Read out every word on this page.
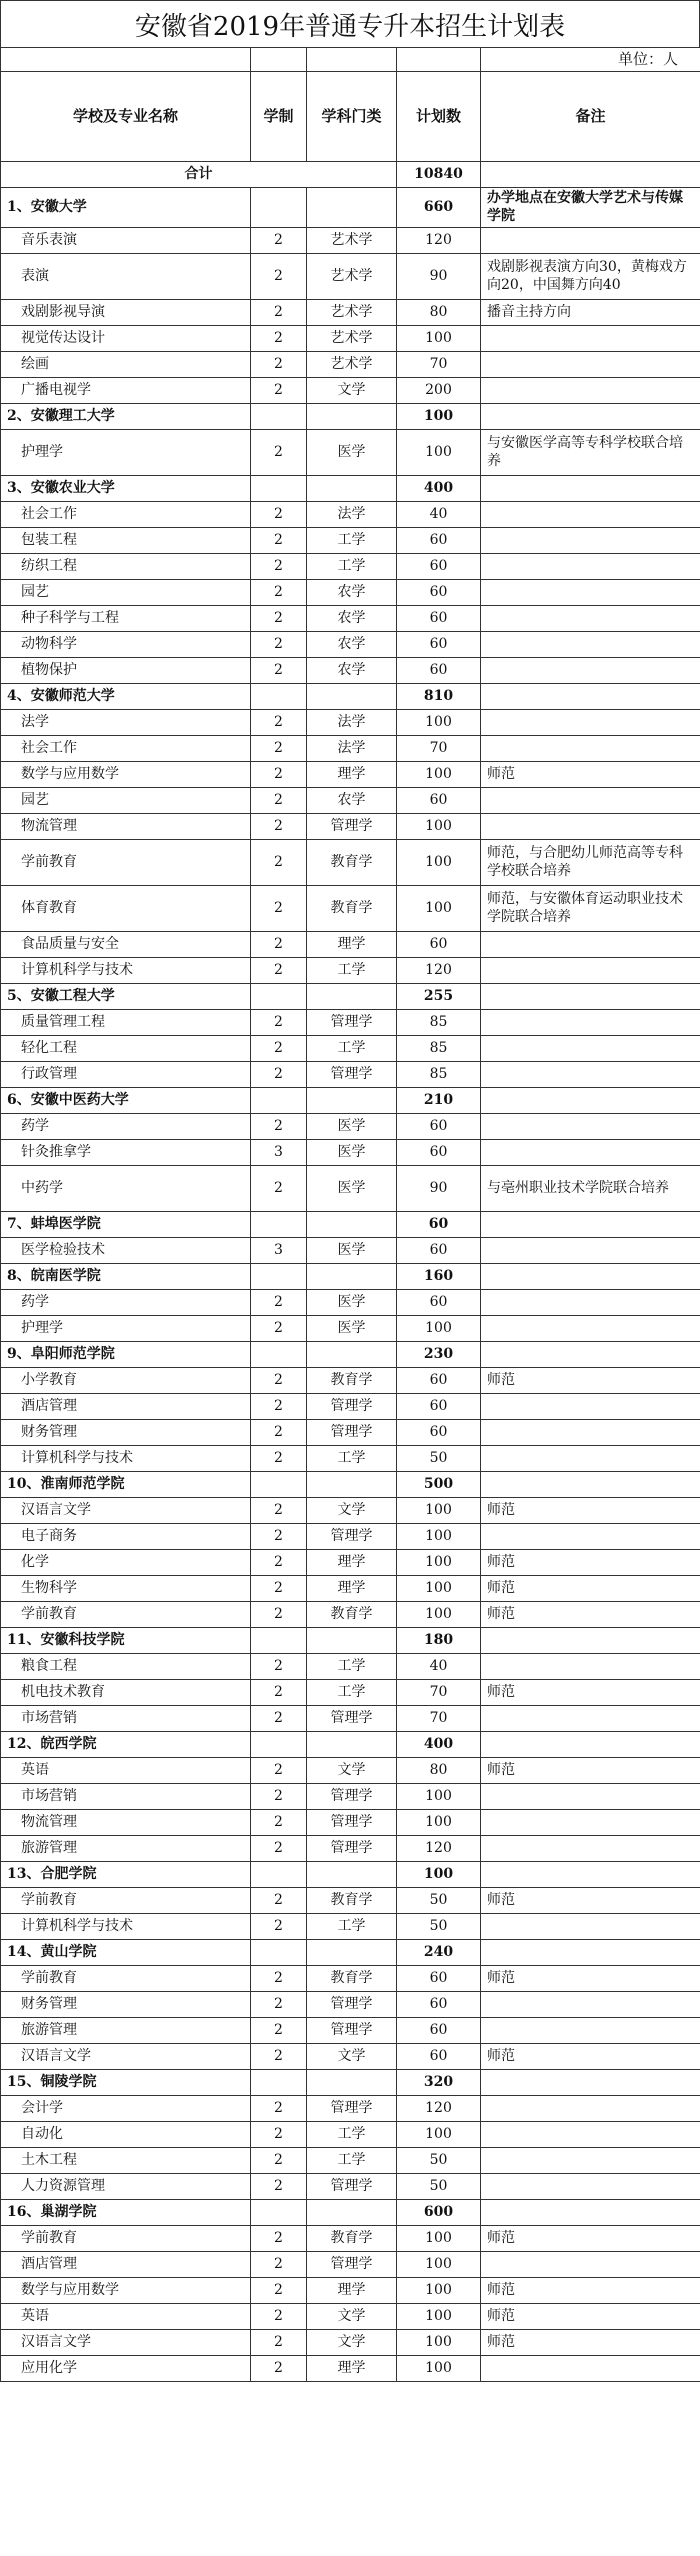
安徽省2019年普通专升本招生计划表
				单位：人
学校及专业名称	学制	学科门类	计划数	备注
合计			10840	
1、安徽大学			660	办学地点在安徽大学艺术与传媒学院
音乐表演	2	艺术学	120	
表演	2	艺术学	90	戏剧影视表演方向30，黄梅戏方向20，中国舞方向40
戏剧影视导演	2	艺术学	80	播音主持方向
视觉传达设计	2	艺术学	100	
绘画	2	艺术学	70	
广播电视学	2	文学	200	
2、安徽理工大学			100	
护理学	2	医学	100	与安徽医学高等专科学校联合培养
3、安徽农业大学			400	
社会工作	2	法学	40	
包装工程	2	工学	60	
纺织工程	2	工学	60	
园艺	2	农学	60	
种子科学与工程	2	农学	60	
动物科学	2	农学	60	
植物保护	2	农学	60	
4、安徽师范大学			810	
法学	2	法学	100	
社会工作	2	法学	70	
数学与应用数学	2	理学	100	师范
园艺	2	农学	60	
物流管理	2	管理学	100	
学前教育	2	教育学	100	师范，与合肥幼儿师范高等专科学校联合培养
体育教育	2	教育学	100	师范，与安徽体育运动职业技术学院联合培养
食品质量与安全	2	理学	60	
计算机科学与技术	2	工学	120	
5、安徽工程大学			255	
质量管理工程	2	管理学	85	
轻化工程	2	工学	85	
行政管理	2	管理学	85	
6、安徽中医药大学			210	
药学	2	医学	60	
针灸推拿学	3	医学	60	
中药学	2	医学	90	与亳州职业技术学院联合培养
7、蚌埠医学院			60	
医学检验技术	3	医学	60	
8、皖南医学院			160	
药学	2	医学	60	
护理学	2	医学	100	
9、阜阳师范学院			230	
小学教育	2	教育学	60	师范
酒店管理	2	管理学	60	
财务管理	2	管理学	60	
计算机科学与技术	2	工学	50	
10、淮南师范学院			500	
汉语言文学	2	文学	100	师范
电子商务	2	管理学	100	
化学	2	理学	100	师范
生物科学	2	理学	100	师范
学前教育	2	教育学	100	师范
11、安徽科技学院			180	
粮食工程	2	工学	40	
机电技术教育	2	工学	70	师范
市场营销	2	管理学	70	
12、皖西学院			400	
英语	2	文学	80	师范
市场营销	2	管理学	100	
物流管理	2	管理学	100	
旅游管理	2	管理学	120	
13、合肥学院			100	
学前教育	2	教育学	50	师范
计算机科学与技术	2	工学	50	
14、黄山学院			240	
学前教育	2	教育学	60	师范
财务管理	2	管理学	60	
旅游管理	2	管理学	60	
汉语言文学	2	文学	60	师范
15、铜陵学院			320	
会计学	2	管理学	120	
自动化	2	工学	100	
土木工程	2	工学	50	
人力资源管理	2	管理学	50	
16、巢湖学院			600	
学前教育	2	教育学	100	师范
酒店管理	2	管理学	100	
数学与应用数学	2	理学	100	师范
英语	2	文学	100	师范
汉语言文学	2	文学	100	师范
应用化学	2	理学	100	
